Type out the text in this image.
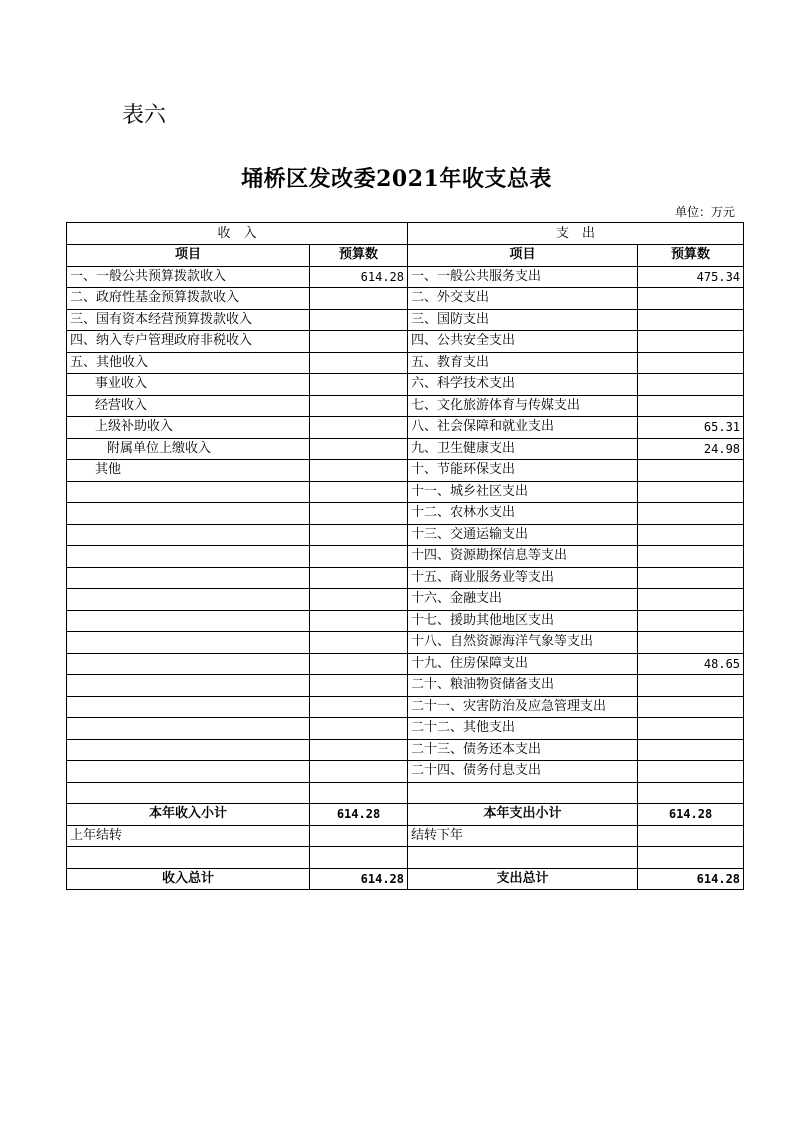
表六
埇桥区发改委2021年收支总表
单位：万元
收　入		支　出	
项目	预算数	项目	预算数
一、一般公共预算拨款收入	614.28	一、一般公共服务支出	475.34
二、政府性基金预算拨款收入		二、外交支出	
三、国有资本经营预算拨款收入		三、国防支出	
四、纳入专户管理政府非税收入		四、公共安全支出	
五、其他收入		五、教育支出	
事业收入		六、科学技术支出	
经营收入		七、文化旅游体育与传媒支出	
上级补助收入		八、社会保障和就业支出	65.31
附属单位上缴收入		九、卫生健康支出	24.98
其他		十、节能环保支出	
		十一、城乡社区支出	
		十二、农林水支出	
		十三、交通运输支出	
		十四、资源勘探信息等支出	
		十五、商业服务业等支出	
		十六、金融支出	
		十七、援助其他地区支出	
		十八、自然资源海洋气象等支出	
		十九、住房保障支出	48.65
		二十、粮油物资储备支出	
		二十一、灾害防治及应急管理支出	
		二十二、其他支出	
		二十三、债务还本支出	
		二十四、债务付息支出	

本年收入小计	614.28	本年支出小计	614.28
上年结转		结转下年	

收入总计	614.28	支出总计	614.28
